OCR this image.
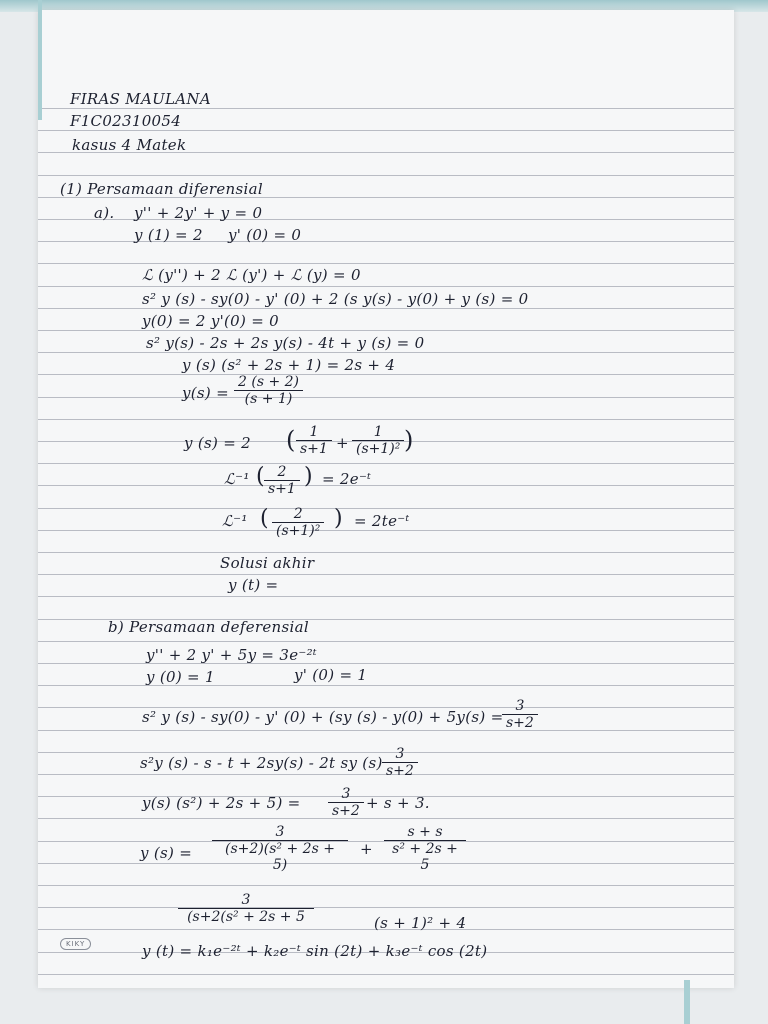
FIRAS MAULANA
F1C02310054
kasus 4 Matek
(1) Persamaan diferensial
a). y'' + 2y' + y = 0
y (1) = 2 y' (0) = 0
ℒ (y'') + 2 ℒ (y') + ℒ (y) = 0
s² y (s) - sy(0) - y' (0) + 2 (s y(s) - y(0) + y (s) = 0
y(0) = 2 y'(0) = 0
s² y(s) - 2s + 2s y(s) - 4t + y (s) = 0
y (s) (s² + 2s + 1) = 2s + 4
$y(s) = \frac{2 (s + 2)}{(s + 1)}$
y (s) = 2 ( $\frac{1}{s+1} + \frac{1}{\text{(s+1)²}}$ )
ℒ⁻¹ ( $\frac{2}{s+1}$ ) = 2e⁻ᵗ
ℒ⁻¹ ( $\frac{2}{\text{(s+1)²}}$ ) = 2te⁻ᵗ
Solusi akhir
y (t) =
b) Persamaan deferensial
y'' + 2 y' + 5y = 3e⁻²ᵗ
y (0) = 1	y' (0) = 1
s² y (s) - sy(0) - y' (0) + (sy (s) - y(0) + 5y(s) =
$\frac{3}{s+2}$
s²y (s) - s - t + 2sy(s) - 2t sy $(s) \frac{3}{s+2}$
y(s) $(s^2) + 2s + 5) = \frac{3}{s+2} + s + 3$.
y $(s) = \frac{3}{\text{(s+2)(s² + 2s + 5)}} + \frac{s + s}{\text{s² + 2s + 5}}$
$\frac{3}{\text{(s+2(s² + 2s + 5}}$	(s + 1)² + 4
y (t) = k₁e⁻²ᵗ + k₂e⁻ᵗ sin (2t) + k₃e⁻ᵗ cos (2t)
KIKY
